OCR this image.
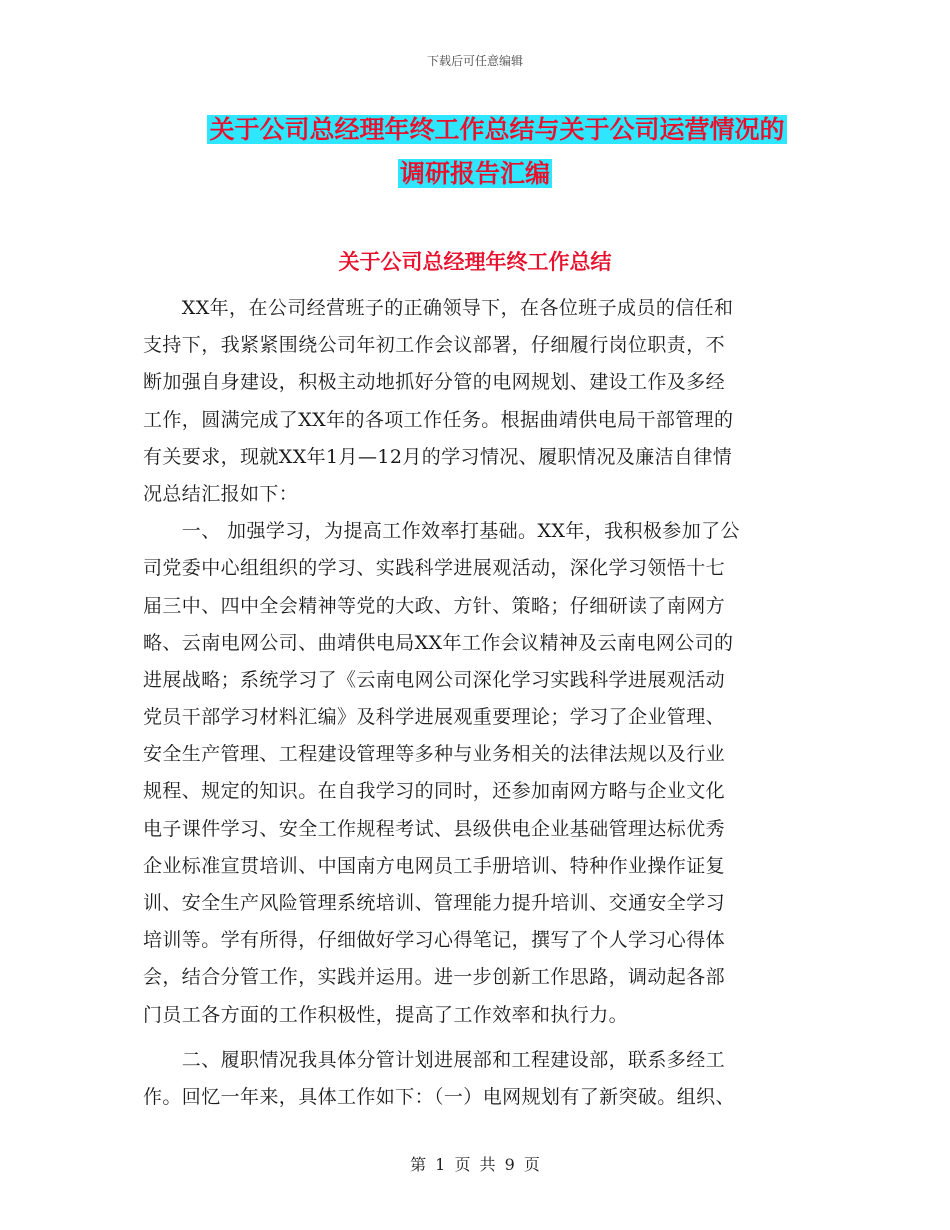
下载后可任意编辑
关于公司总经理年终工作总结与关于公司运营情况的
调研报告汇编
关于公司总经理年终工作总结
　　XX年，在公司经营班子的正确领导下，在各位班子成员的信任和
支持下，我紧紧围绕公司年初工作会议部署，仔细履行岗位职责，不
断加强自身建设，积极主动地抓好分管的电网规划、建设工作及多经
工作，圆满完成了XX年的各项工作任务。根据曲靖供电局干部管理的
有关要求，现就XX年1月—12月的学习情况、履职情况及廉洁自律情
况总结汇报如下：
　　一、 加强学习，为提高工作效率打基础。XX年，我积极参加了公
司党委中心组组织的学习、实践科学进展观活动，深化学习领悟十七
届三中、四中全会精神等党的大政、方针、策略；仔细研读了南网方
略、云南电网公司、曲靖供电局XX年工作会议精神及云南电网公司的
进展战略；系统学习了《云南电网公司深化学习实践科学进展观活动
党员干部学习材料汇编》及科学进展观重要理论；学习了企业管理、
安全生产管理、工程建设管理等多种与业务相关的法律法规以及行业
规程、规定的知识。在自我学习的同时，还参加南网方略与企业文化
电子课件学习、安全工作规程考试、县级供电企业基础管理达标优秀
企业标准宣贯培训、中国南方电网员工手册培训、特种作业操作证复
训、安全生产风险管理系统培训、管理能力提升培训、交通安全学习
培训等。学有所得，仔细做好学习心得笔记，撰写了个人学习心得体
会，结合分管工作，实践并运用。进一步创新工作思路，调动起各部
门员工各方面的工作积极性，提高了工作效率和执行力。
　　二、履职情况我具体分管计划进展部和工程建设部，联系多经工
作。回忆一年来，具体工作如下：（一）电网规划有了新突破。组织、
第 1 页 共 9 页
